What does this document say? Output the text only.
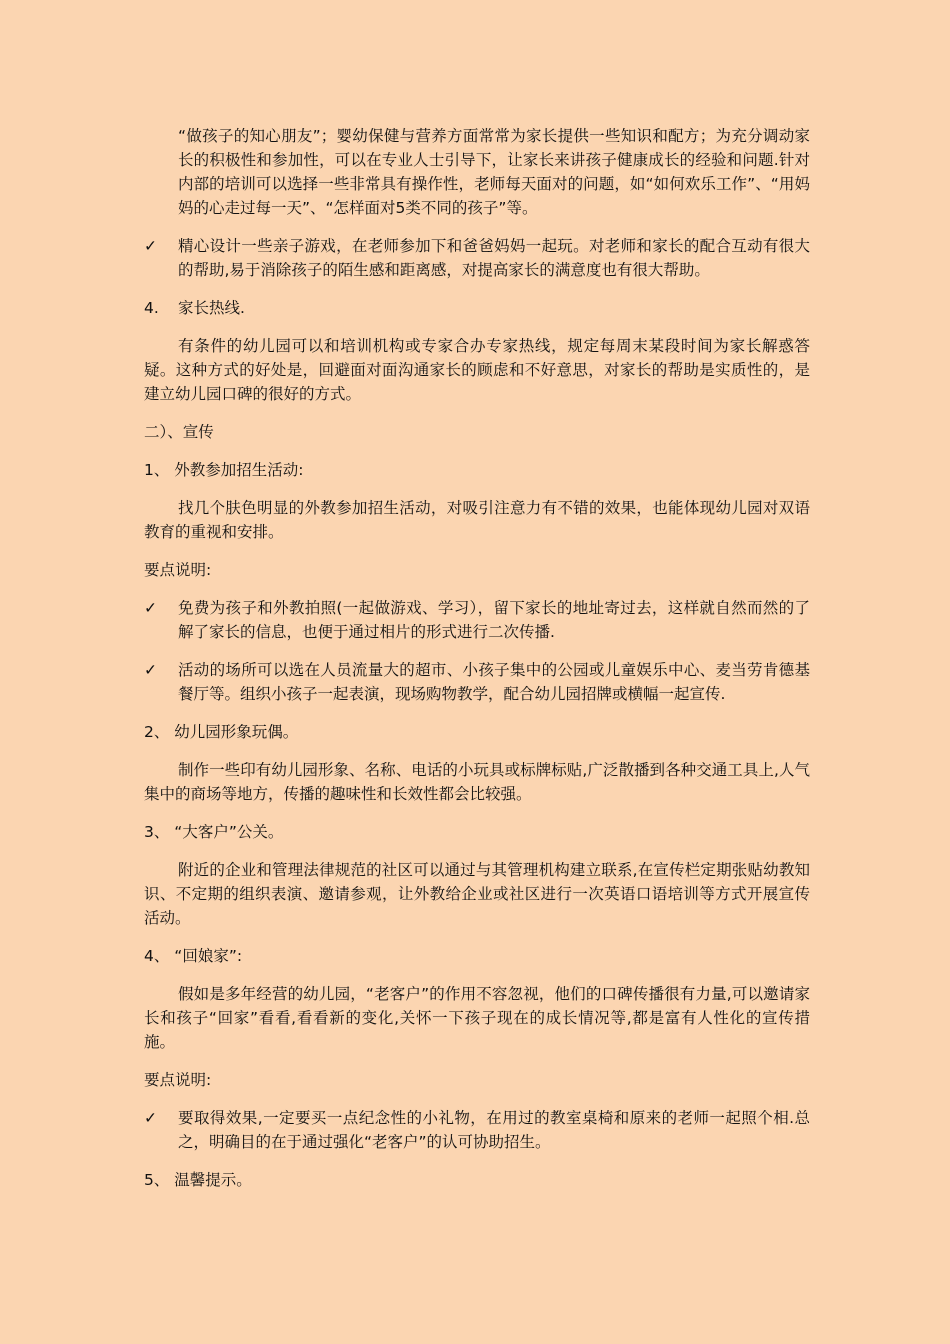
“做孩子的知心朋友”；婴幼保健与营养方面常常为家长提供一些知识和配方；为充分调动家长的积极性和参加性，可以在专业人士引导下，让家长来讲孩子健康成长的经验和问题.针对内部的培训可以选择一些非常具有操作性，老师每天面对的问题，如“如何欢乐工作”、“用妈妈的心走过每一天”、“怎样面对5类不同的孩子”等。

✓	精心设计一些亲子游戏，在老师参加下和爸爸妈妈一起玩。对老师和家长的配合互动有很大的帮助,易于消除孩子的陌生感和距离感，对提高家长的满意度也有很大帮助。
4.	家长热线.

有条件的幼儿园可以和培训机构或专家合办专家热线，规定每周末某段时间为家长解惑答疑。这种方式的好处是，回避面对面沟通家长的顾虑和不好意思，对家长的帮助是实质性的，是建立幼儿园口碑的很好的方式。

二）、宣传

1、 外教参加招生活动:

找几个肤色明显的外教参加招生活动，对吸引注意力有不错的效果，也能体现幼儿园对双语教育的重视和安排。

要点说明:

✓	免费为孩子和外教拍照(一起做游戏、学习），留下家长的地址寄过去，这样就自然而然的了解了家长的信息，也便于通过相片的形式进行二次传播.
✓	活动的场所可以选在人员流量大的超市、小孩子集中的公园或儿童娱乐中心、麦当劳肯德基餐厅等。组织小孩子一起表演，现场购物教学，配合幼儿园招牌或横幅一起宣传.

2、 幼儿园形象玩偶。

制作一些印有幼儿园形象、名称、电话的小玩具或标牌标贴,广泛散播到各种交通工具上,人气集中的商场等地方，传播的趣味性和长效性都会比较强。

3、 “大客户”公关。

附近的企业和管理法律规范的社区可以通过与其管理机构建立联系,在宣传栏定期张贴幼教知识、不定期的组织表演、邀请参观，让外教给企业或社区进行一次英语口语培训等方式开展宣传活动。

4、 “回娘家”:

假如是多年经营的幼儿园，“老客户”的作用不容忽视，他们的口碑传播很有力量,可以邀请家长和孩子“回家”看看,看看新的变化,关怀一下孩子现在的成长情况等,都是富有人性化的宣传措施。

要点说明:

✓	要取得效果,一定要买一点纪念性的小礼物，在用过的教室桌椅和原来的老师一起照个相.总之，明确目的在于通过强化“老客户”的认可协助招生。

5、 温馨提示。
